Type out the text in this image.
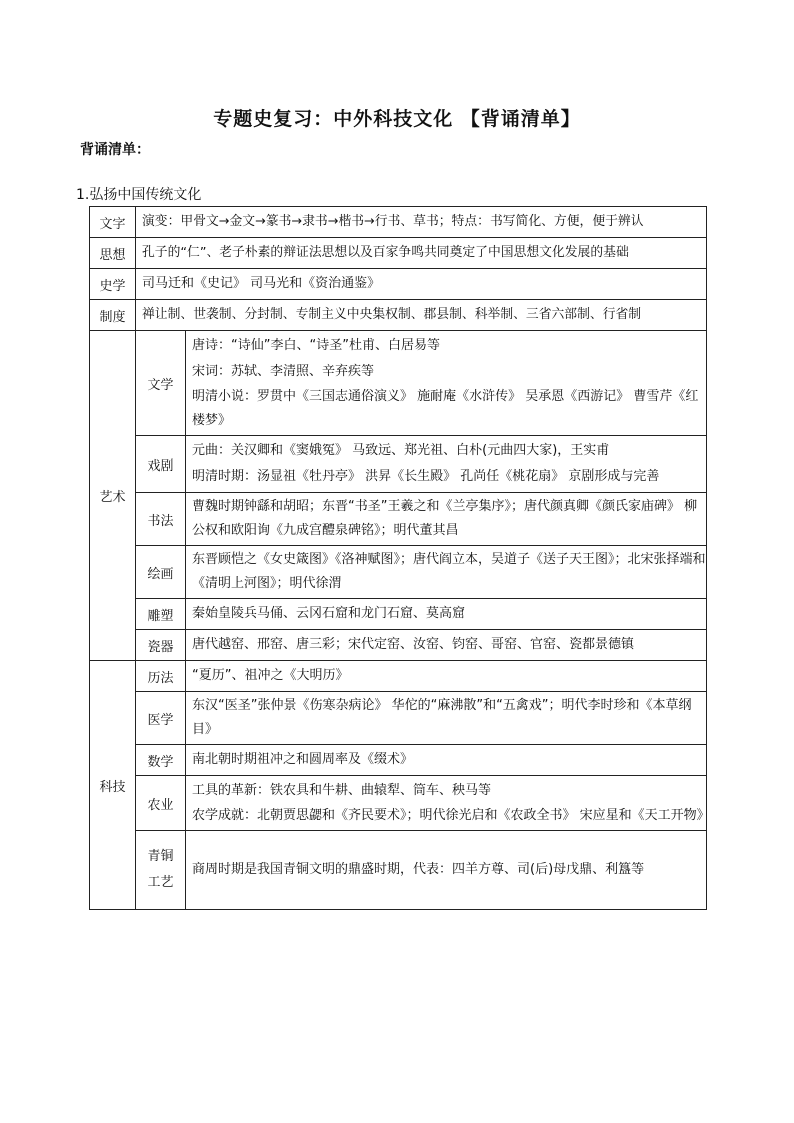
专题史复习：中外科技文化 【背诵清单】
背诵清单：
1.弘扬中国传统文化
文字	演变：甲骨文→金文→篆书→隶书→楷书→行书、草书；特点：书写简化、方便，便于辨认	

思想	孔子的“仁”、老子朴素的辩证法思想以及百家争鸣共同奠定了中国思想文化发展的基础	

史学	司马迁和《史记》 司马光和《资治通鉴》	

制度	禅让制、世袭制、分封制、专制主义中央集权制、郡县制、科举制、三省六部制、行省制	

艺术	文学	唐诗：“诗仙”李白、“诗圣”杜甫、白居易等
宋词：苏轼、李清照、辛弃疾等
明清小说：罗贯中《三国志通俗演义》 施耐庵《水浒传》 吴承恩《西游记》 曹雪芹《红楼梦》

	戏剧	元曲：关汉卿和《窦娥冤》 马致远、郑光祖、白朴(元曲四大家)，王实甫
明清时期：汤显祖《牡丹亭》 洪昇《长生殿》 孔尚任《桃花扇》 京剧形成与完善

	书法	曹魏时期钟繇和胡昭；东晋“书圣”王羲之和《兰亭集序》；唐代颜真卿《颜氏家庙碑》 柳公权和欧阳询《九成宫醴泉碑铭》；明代董其昌

	绘画	东晋顾恺之《女史箴图》《洛神赋图》；唐代阎立本，吴道子《送子天王图》；北宋张择端和《清明上河图》；明代徐渭

	雕塑	秦始皇陵兵马俑、云冈石窟和龙门石窟、莫高窟

	瓷器	唐代越窑、邢窑、唐三彩；宋代定窑、汝窑、钧窑、哥窑、官窑、瓷都景德镇

科技	历法	“夏历”、祖冲之《大明历》

	医学	东汉“医圣”张仲景《伤寒杂病论》 华佗的“麻沸散”和“五禽戏”；明代李时珍和《本草纲目》

	数学	南北朝时期祖冲之和圆周率及《缀术》

	农业	工具的革新：铁农具和牛耕、曲辕犁、筒车、秧马等
农学成就：北朝贾思勰和《齐民要术》；明代徐光启和《农政全书》 宋应星和《天工开物》

	青铜
工艺	商周时期是我国青铜文明的鼎盛时期，代表：四羊方尊、司(后)母戊鼎、利簋等
